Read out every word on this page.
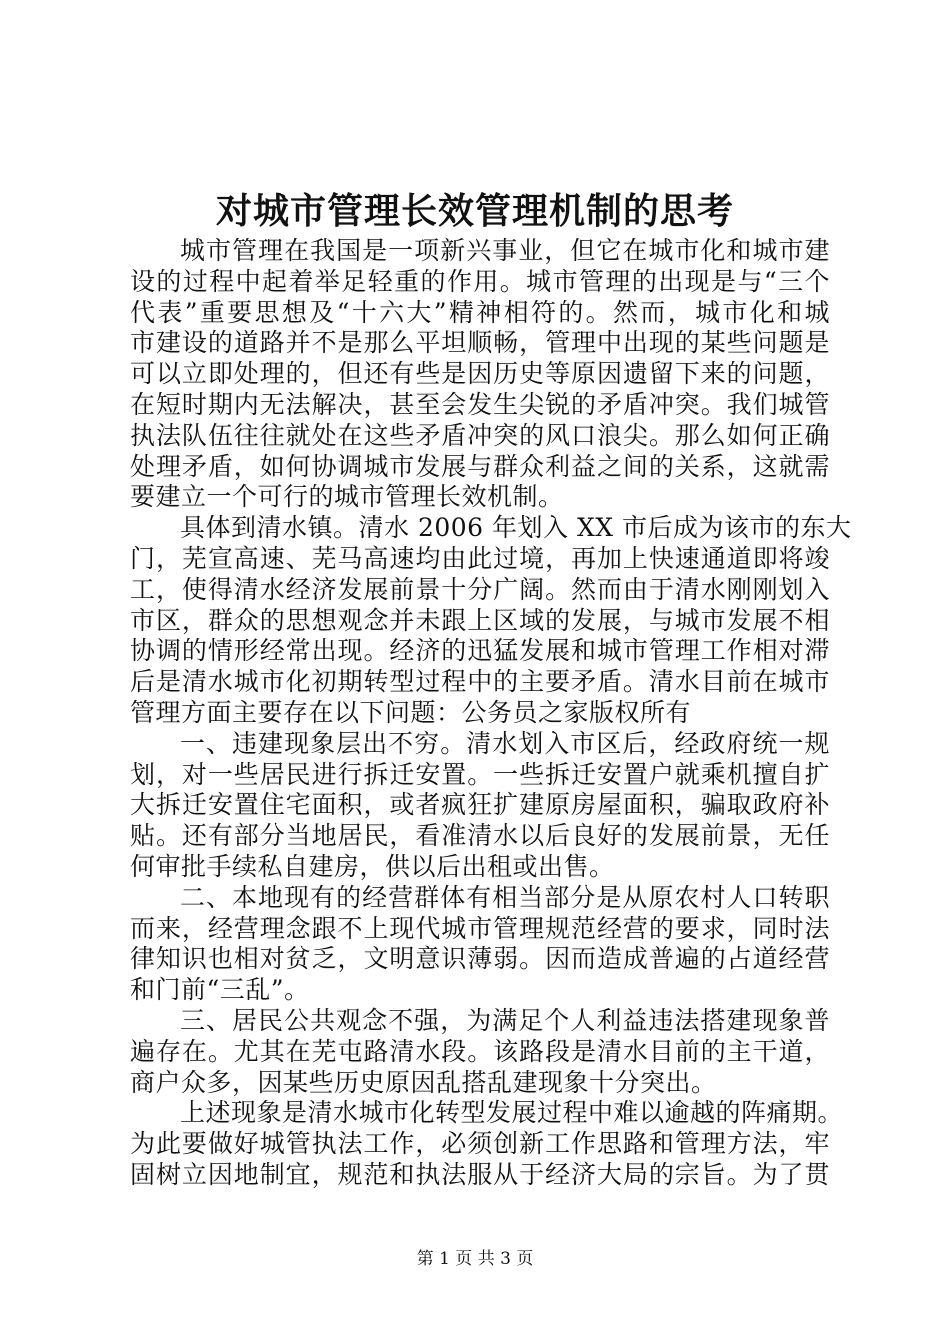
对城市管理长效管理机制的思考
城市管理在我国是一项新兴事业，但它在城市化和城市建
设的过程中起着举足轻重的作用。城市管理的出现是与“三个
代表”重要思想及“十六大”精神相符的。然而，城市化和城
市建设的道路并不是那么平坦顺畅，管理中出现的某些问题是
可以立即处理的，但还有些是因历史等原因遗留下来的问题，
在短时期内无法解决，甚至会发生尖锐的矛盾冲突。我们城管
执法队伍往往就处在这些矛盾冲突的风口浪尖。那么如何正确
处理矛盾，如何协调城市发展与群众利益之间的关系，这就需
要建立一个可行的城市管理长效机制。
具体到清水镇。清水 2006 年划入 XX 市后成为该市的东大
门，芜宣高速、芜马高速均由此过境，再加上快速通道即将竣
工，使得清水经济发展前景十分广阔。然而由于清水刚刚划入
市区，群众的思想观念并未跟上区域的发展，与城市发展不相
协调的情形经常出现。经济的迅猛发展和城市管理工作相对滞
后是清水城市化初期转型过程中的主要矛盾。清水目前在城市
管理方面主要存在以下问题：公务员之家版权所有
一、违建现象层出不穷。清水划入市区后，经政府统一规
划，对一些居民进行拆迁安置。一些拆迁安置户就乘机擅自扩
大拆迁安置住宅面积，或者疯狂扩建原房屋面积，骗取政府补
贴。还有部分当地居民，看准清水以后良好的发展前景，无任
何审批手续私自建房，供以后出租或出售。
二、本地现有的经营群体有相当部分是从原农村人口转职
而来，经营理念跟不上现代城市管理规范经营的要求，同时法
律知识也相对贫乏，文明意识薄弱。因而造成普遍的占道经营
和门前“三乱”。
三、居民公共观念不强，为满足个人利益违法搭建现象普
遍存在。尤其在芜屯路清水段。该路段是清水目前的主干道，
商户众多，因某些历史原因乱搭乱建现象十分突出。
上述现象是清水城市化转型发展过程中难以逾越的阵痛期。
为此要做好城管执法工作，必须创新工作思路和管理方法，牢
固树立因地制宜，规范和执法服从于经济大局的宗旨。为了贯
第 1 页 共 3 页
